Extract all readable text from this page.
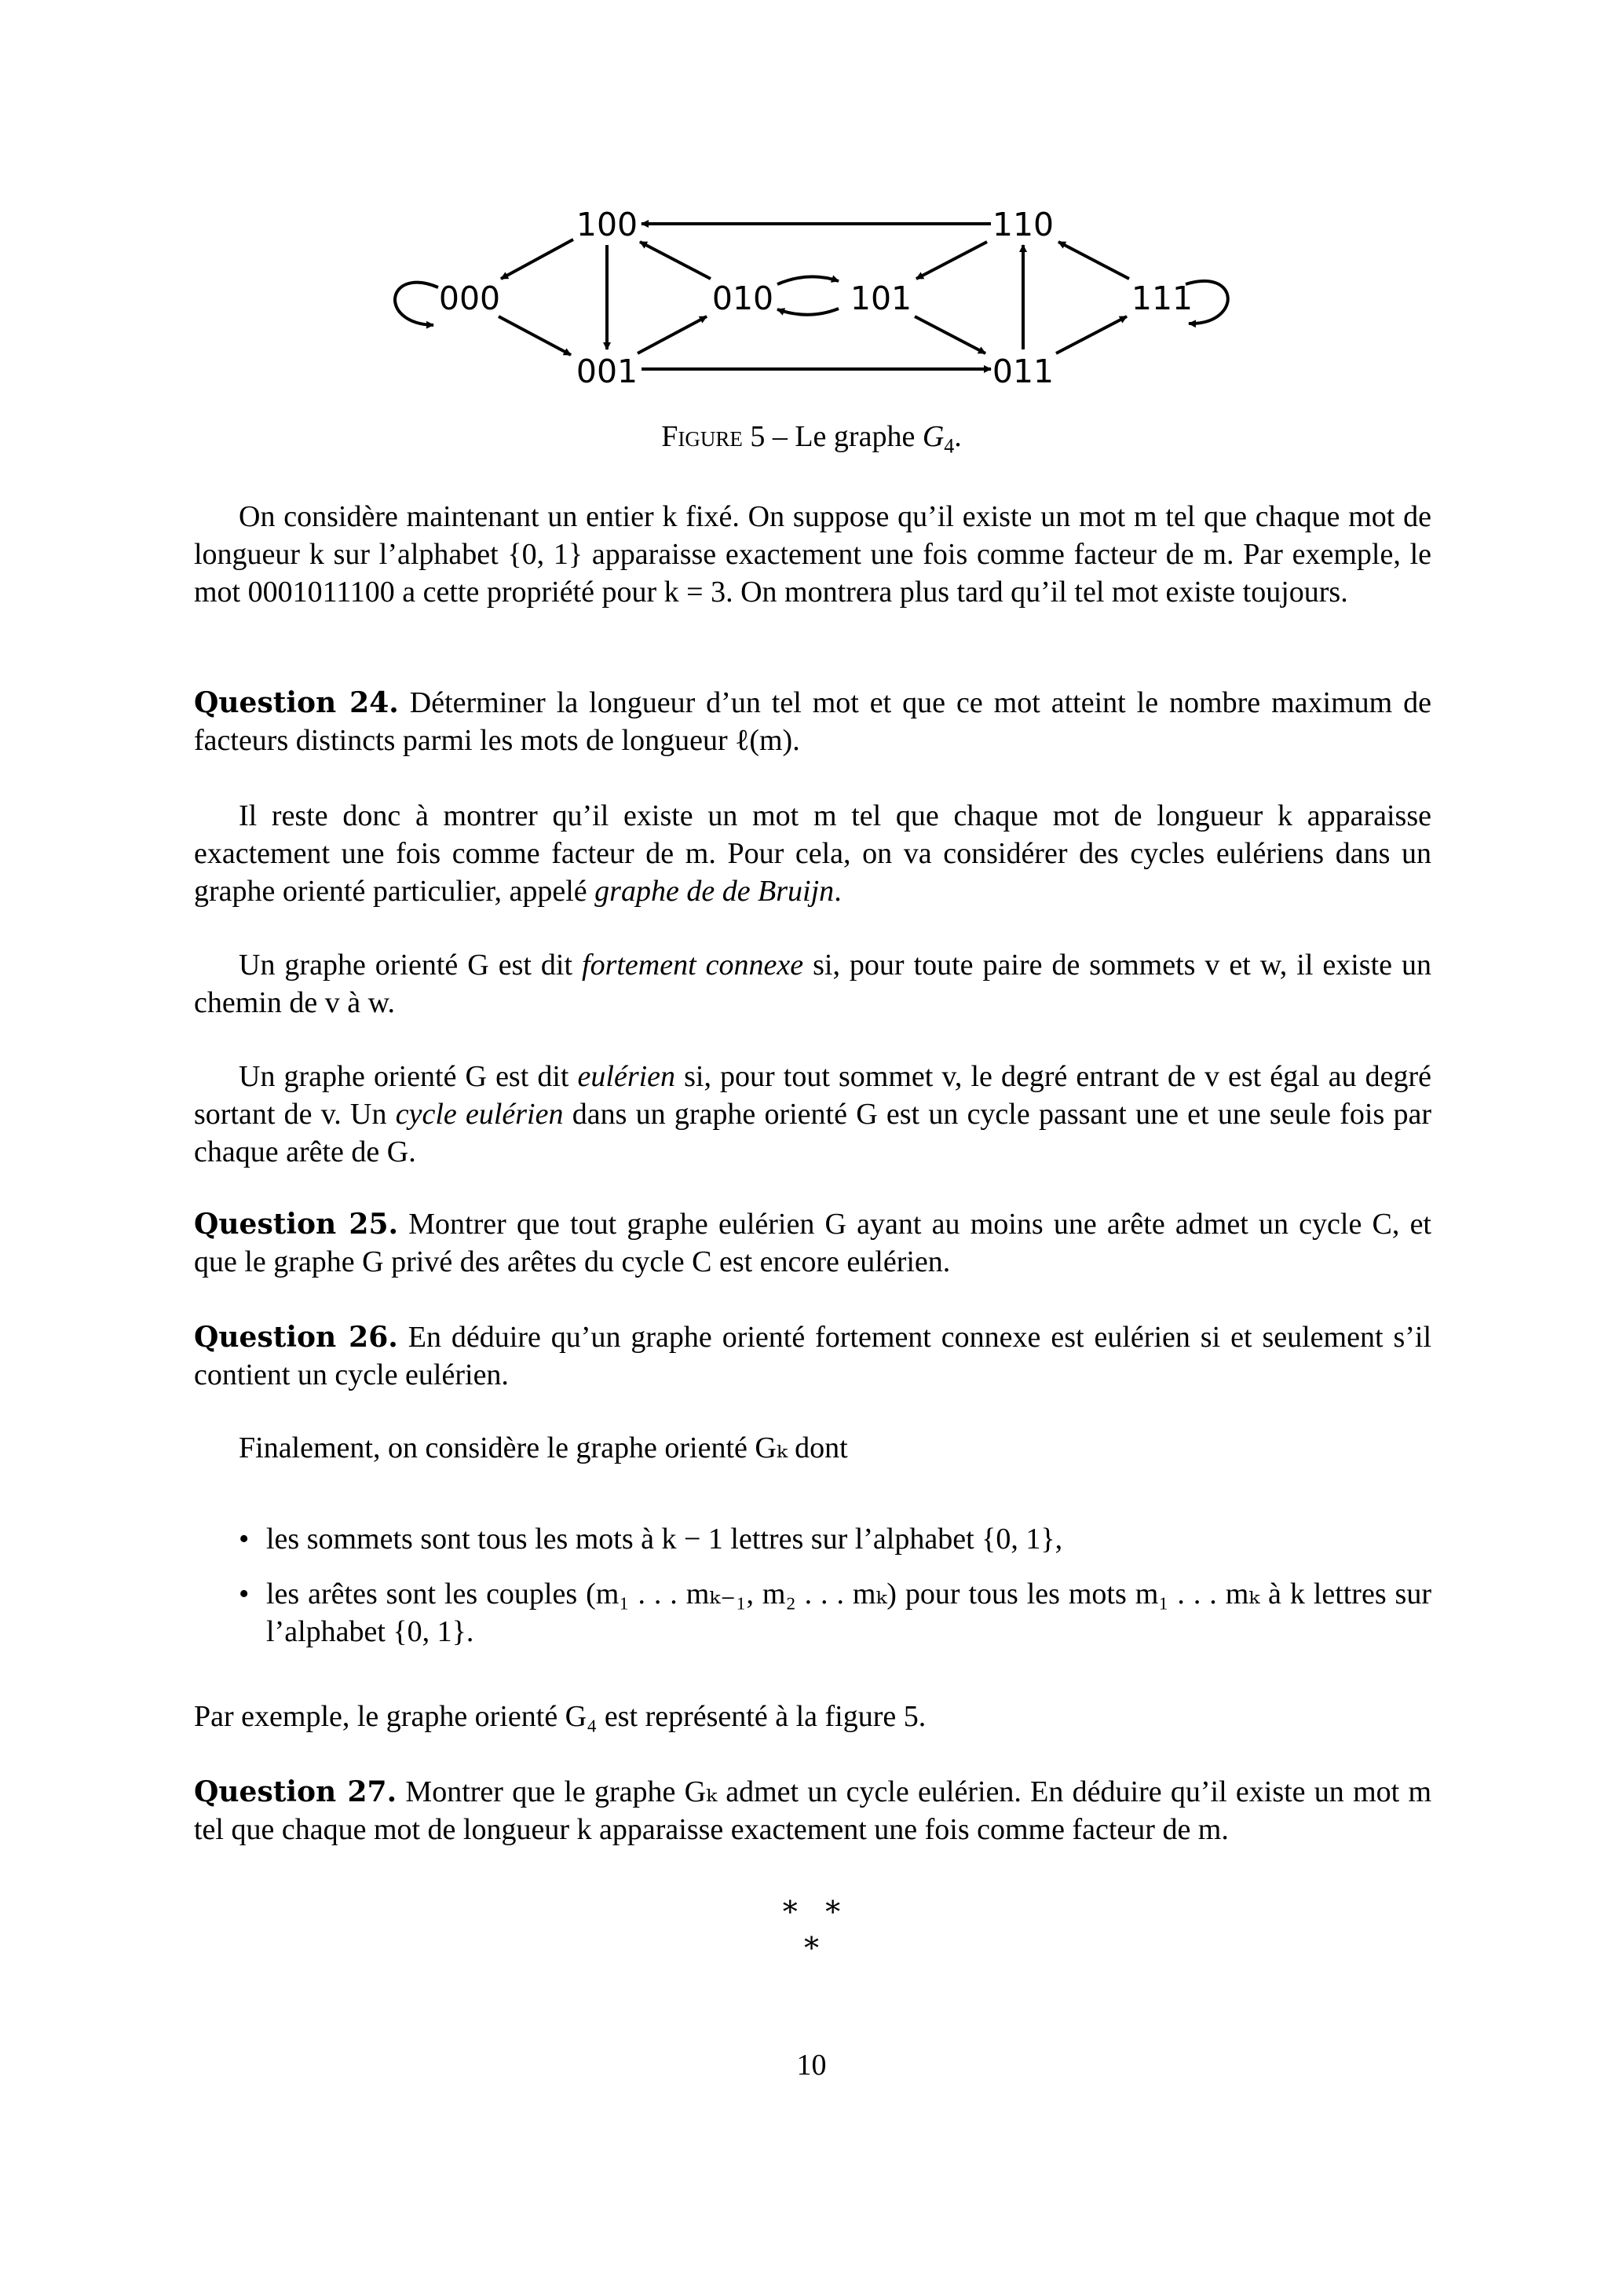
000
100
001
010 101
110
011
111
Figure 5 – Le graphe $G_4$.

On considère maintenant un entier k fixé. On suppose qu’il existe un mot m tel que chaque mot de longueur k sur l’alphabet {0, 1} apparaisse exactement une fois comme facteur de m. Par exemple, le mot 0001011100 a cette propriété pour k = 3. On montrera plus tard qu’il tel mot existe toujours.

Question 24. Déterminer la longueur d’un tel mot et que ce mot atteint le nombre maximum de facteurs distincts parmi les mots de longueur ℓ(m).

Il reste donc à montrer qu’il existe un mot m tel que chaque mot de longueur k apparaisse exactement une fois comme facteur de m. Pour cela, on va considérer des cycles eulériens dans un graphe orienté particulier, appelé graphe de de Bruijn.

Un graphe orienté G est dit fortement connexe si, pour toute paire de sommets v et w, il existe un chemin de v à w.

Un graphe orienté G est dit eulérien si, pour tout sommet v, le degré entrant de v est égal au degré sortant de v. Un cycle eulérien dans un graphe orienté G est un cycle passant une et une seule fois par chaque arête de G.

Question 25. Montrer que tout graphe eulérien G ayant au moins une arête admet un cycle C, et que le graphe G privé des arêtes du cycle C est encore eulérien.

Question 26. En déduire qu’un graphe orienté fortement connexe est eulérien si et seulement s’il contient un cycle eulérien.

Finalement, on considère le graphe orienté Gₖ dont

• les sommets sont tous les mots à k − 1 lettres sur l’alphabet {0, 1},
• les arêtes sont les couples (m₁ . . . mₖ₋₁, m₂ . . . mₖ) pour tous les mots m₁ . . . mₖ à k lettres sur l’alphabet {0, 1}.

Par exemple, le graphe orienté G₄ est représenté à la figure 5.

Question 27. Montrer que le graphe Gₖ admet un cycle eulérien. En déduire qu’il existe un mot m tel que chaque mot de longueur k apparaisse exactement une fois comme facteur de m.

∗   ∗
∗
10
